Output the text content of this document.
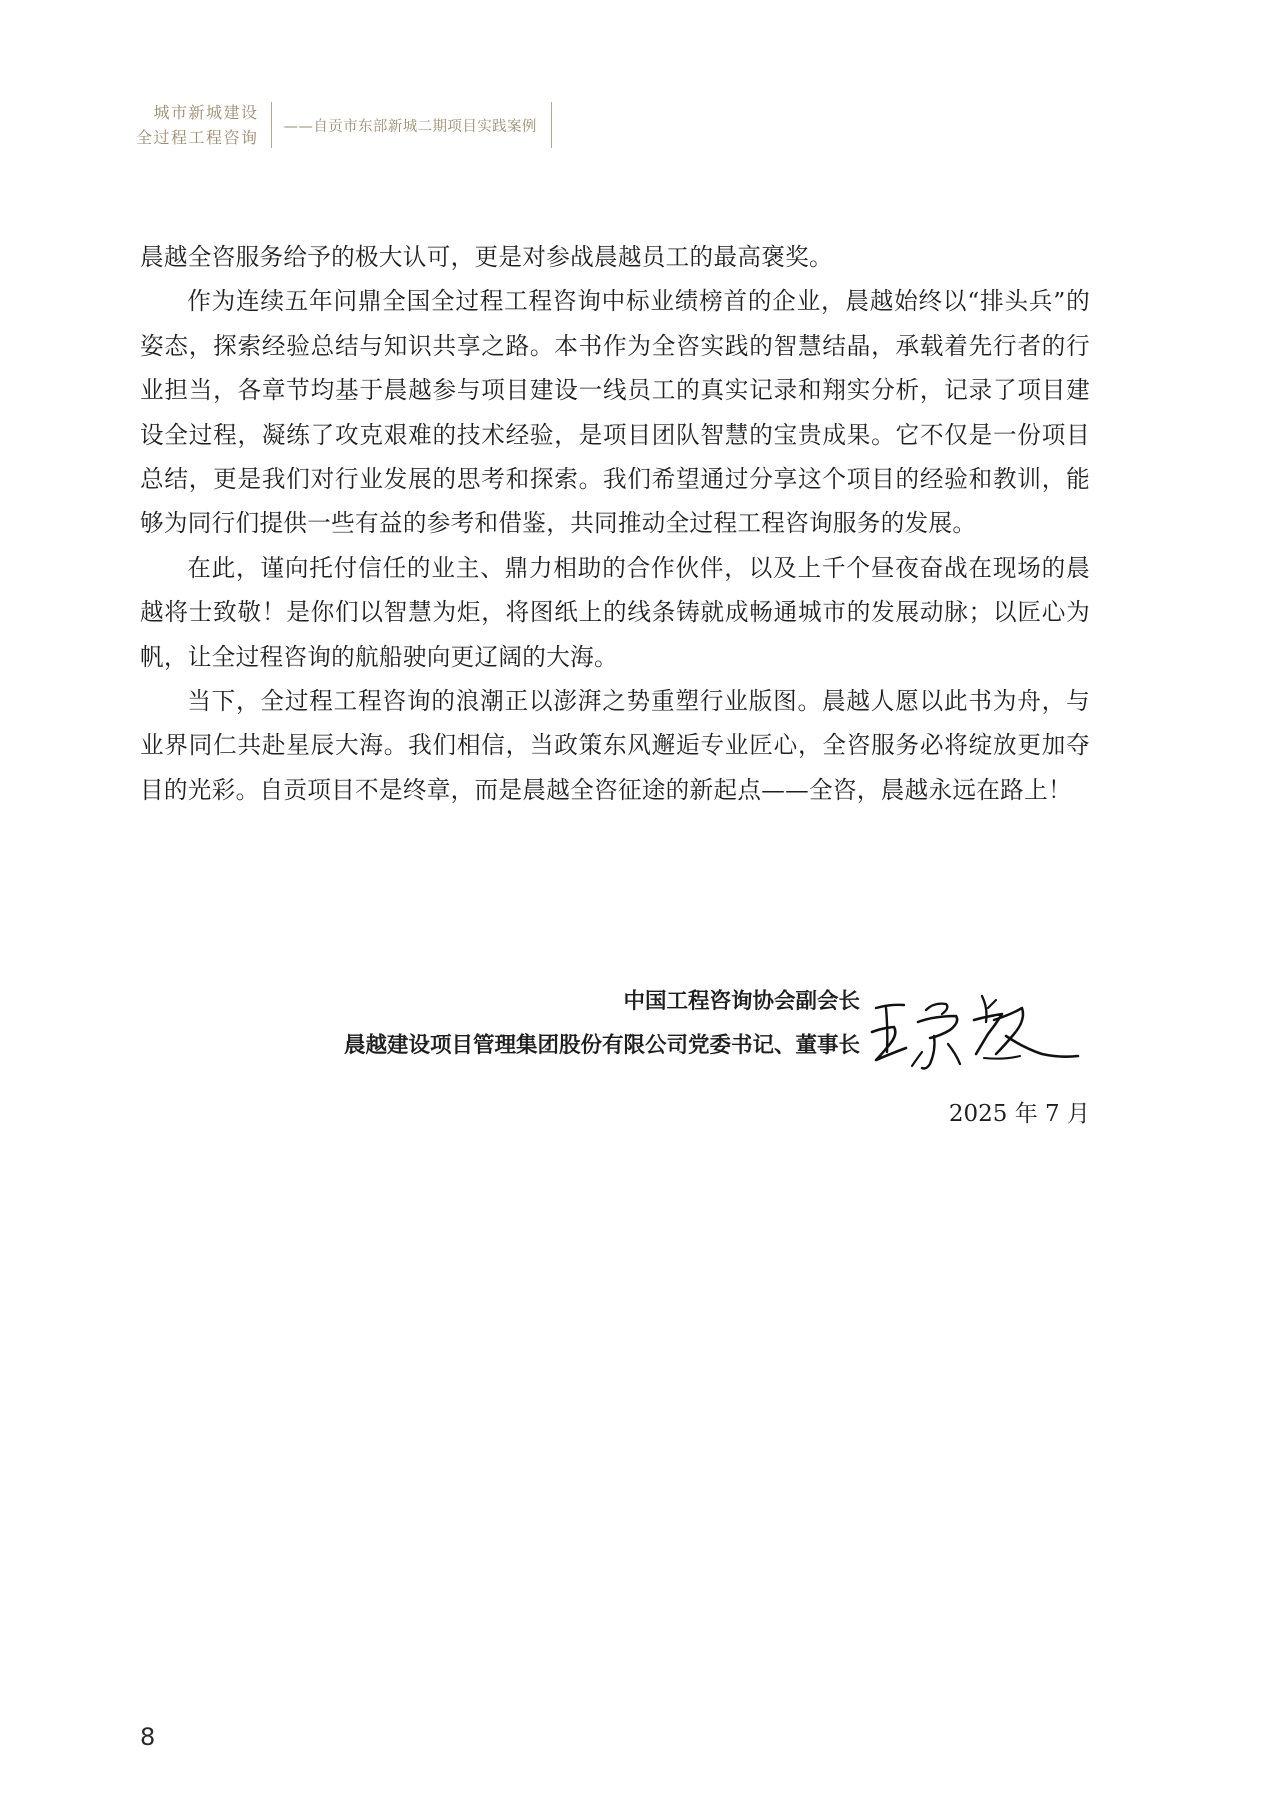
城市新城建设
全过程工程咨询
——自贡市东部新城二期项目实践案例

晨越全咨服务给予的极大认可，更是对参战晨越员工的最高褒奖。

作为连续五年问鼎全国全过程工程咨询中标业绩榜首的企业，晨越始终以“排头兵”的姿态，探索经验总结与知识共享之路。本书作为全咨实践的智慧结晶，承载着先行者的行业担当，各章节均基于晨越参与项目建设一线员工的真实记录和翔实分析，记录了项目建设全过程，凝练了攻克艰难的技术经验，是项目团队智慧的宝贵成果。它不仅是一份项目总结，更是我们对行业发展的思考和探索。我们希望通过分享这个项目的经验和教训，能够为同行们提供一些有益的参考和借鉴，共同推动全过程工程咨询服务的发展。

在此，谨向托付信任的业主、鼎力相助的合作伙伴，以及上千个昼夜奋战在现场的晨越将士致敬！是你们以智慧为炬，将图纸上的线条铸就成畅通城市的发展动脉；以匠心为帆，让全过程咨询的航船驶向更辽阔的大海。

当下，全过程工程咨询的浪潮正以澎湃之势重塑行业版图。晨越人愿以此书为舟，与业界同仁共赴星辰大海。我们相信，当政策东风邂逅专业匠心，全咨服务必将绽放更加夺目的光彩。自贡项目不是终章，而是晨越全咨征途的新起点——全咨，晨越永远在路上！

中国工程咨询协会副会长
晨越建设项目管理集团股份有限公司党委书记、董事长
2025 年 7 月
8
